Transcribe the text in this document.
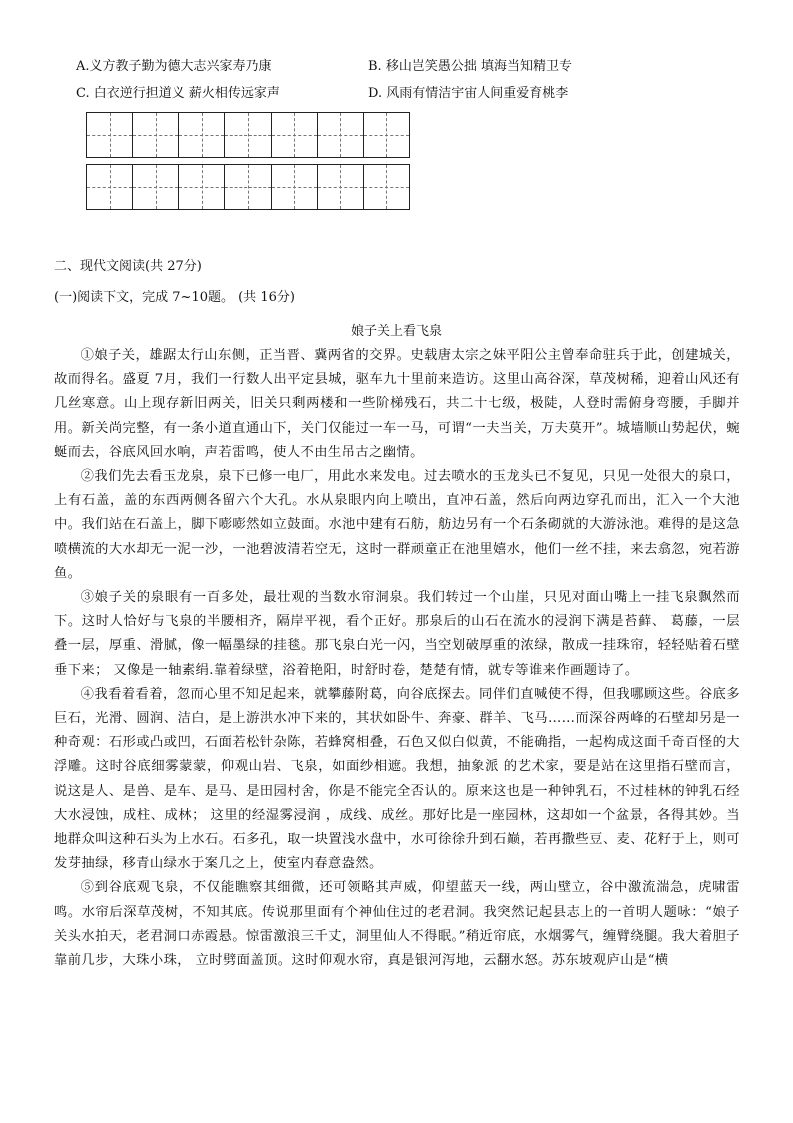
A.义方教子勤为德大志兴家寿乃康	B. 移山岂笑愚公拙 填海当知精卫专
C. 白衣逆行担道义 薪火相传远家声	D. 风雨有情洁宇宙人间重爱育桃李
二、现代文阅读(共 27分)
(一)阅读下文，完成 7~10题。 (共 16分)
娘子关上看飞泉

①娘子关，雄踞太行山东侧，正当晋、冀两省的交界。史载唐太宗之妹平阳公主曾奉命驻兵于此，创建城关，故而得名。盛夏 7月，我们一行数人出平定县城，驱车九十里前来造访。这里山高谷深，草茂树稀，迎着山风还有几丝寒意。山上现存新旧两关，旧关只剩两楼和一些阶梯残石，共二十七级，极陡，人登时需俯身弯腰，手脚并用。新关尚完整，有一条小道直通山下，关门仅能过一车一马，可谓“一夫当关，万夫莫开”。城墙顺山势起伏，蜿蜒而去，谷底风回水响，声若雷鸣，使人不由生吊古之幽情。

②我们先去看玉龙泉，泉下已修一电厂，用此水来发电。过去喷水的玉龙头已不复见，只见一处很大的泉口，上有石盖，盖的东西两侧各留六个大孔。水从泉眼内向上喷出，直冲石盖，然后向两边穿孔而出，汇入一个大池中。我们站在石盖上，脚下嘭嘭然如立鼓面。水池中建有石舫，舫边另有一个石条砌就的大游泳池。难得的是这急喷横流的大水却无一泥一沙，一池碧波清若空无，这时一群顽童正在池里嬉水，他们一丝不挂，来去翕忽，宛若游鱼。

③娘子关的泉眼有一百多处，最壮观的当数水帘洞泉。我们转过一个山崖，只见对面山嘴上一挂飞泉飘然而下。这时人恰好与飞泉的半腰相齐，隔岸平视，看个正好。那泉后的山石在流水的浸润下满是苔藓、 葛藤，一层叠一层，厚重、滑腻，像一幅墨绿的挂毯。那飞泉白光一闪，当空划破厚重的浓绿，散成一挂珠帘，轻轻贴着石壁垂下来； 又像是一轴素绢.靠着绿壁，浴着艳阳，时舒时卷，楚楚有情，就专等谁来作画题诗了。

④我看着看着，忽而心里不知足起来，就攀藤附葛，向谷底探去。同伴们直喊使不得，但我哪顾这些。谷底多巨石，光滑、圆润、洁白，是上游洪水冲下来的，其状如卧牛、奔豪、群羊、飞马……而深谷两峰的石壁却另是一种奇观：石形或凸或凹，石面若松针杂陈，若蜂窝相叠，石色又似白似黄，不能确指，一起构成这面千奇百怪的大浮雕。这时谷底细雾蒙蒙，仰观山岩、飞泉，如面纱相遮。我想，抽象派 的艺术家，要是站在这里指石壁而言，说这是人、是兽、是车、是马、是田园村舍，你是不能完全否认的。原来这也是一种钟乳石，不过桂林的钟乳石经大水浸蚀，成柱、成林； 这里的经湿雾浸润 ，成线、成丝。那好比是一座园林，这却如一个盆景，各得其妙。当地群众叫这种石头为上水石。石多孔，取一块置浅水盘中，水可徐徐升到石巅，若再撒些豆、麦、花籽于上，则可发芽抽绿，移青山绿水于案几之上，使室内春意盎然。

⑤到谷底观飞泉，不仅能瞧察其细微，还可领略其声威，仰望蓝天一线，两山壁立，谷中激流湍急，虎啸雷鸣。水帘后深草茂树，不知其底。传说那里面有个神仙住过的老君洞。我突然记起县志上的一首明人题咏：“娘子关头水拍天，老君洞口赤霞悬。惊雷激浪三千丈，洞里仙人不得眠。”稍近帘底，水烟雾气，缠臂绕腿。我大着胆子靠前几步，大珠小珠， 立时劈面盖顶。这时仰观水帘，真是银河泻地，云翻水怒。苏东坡观庐山是“横
